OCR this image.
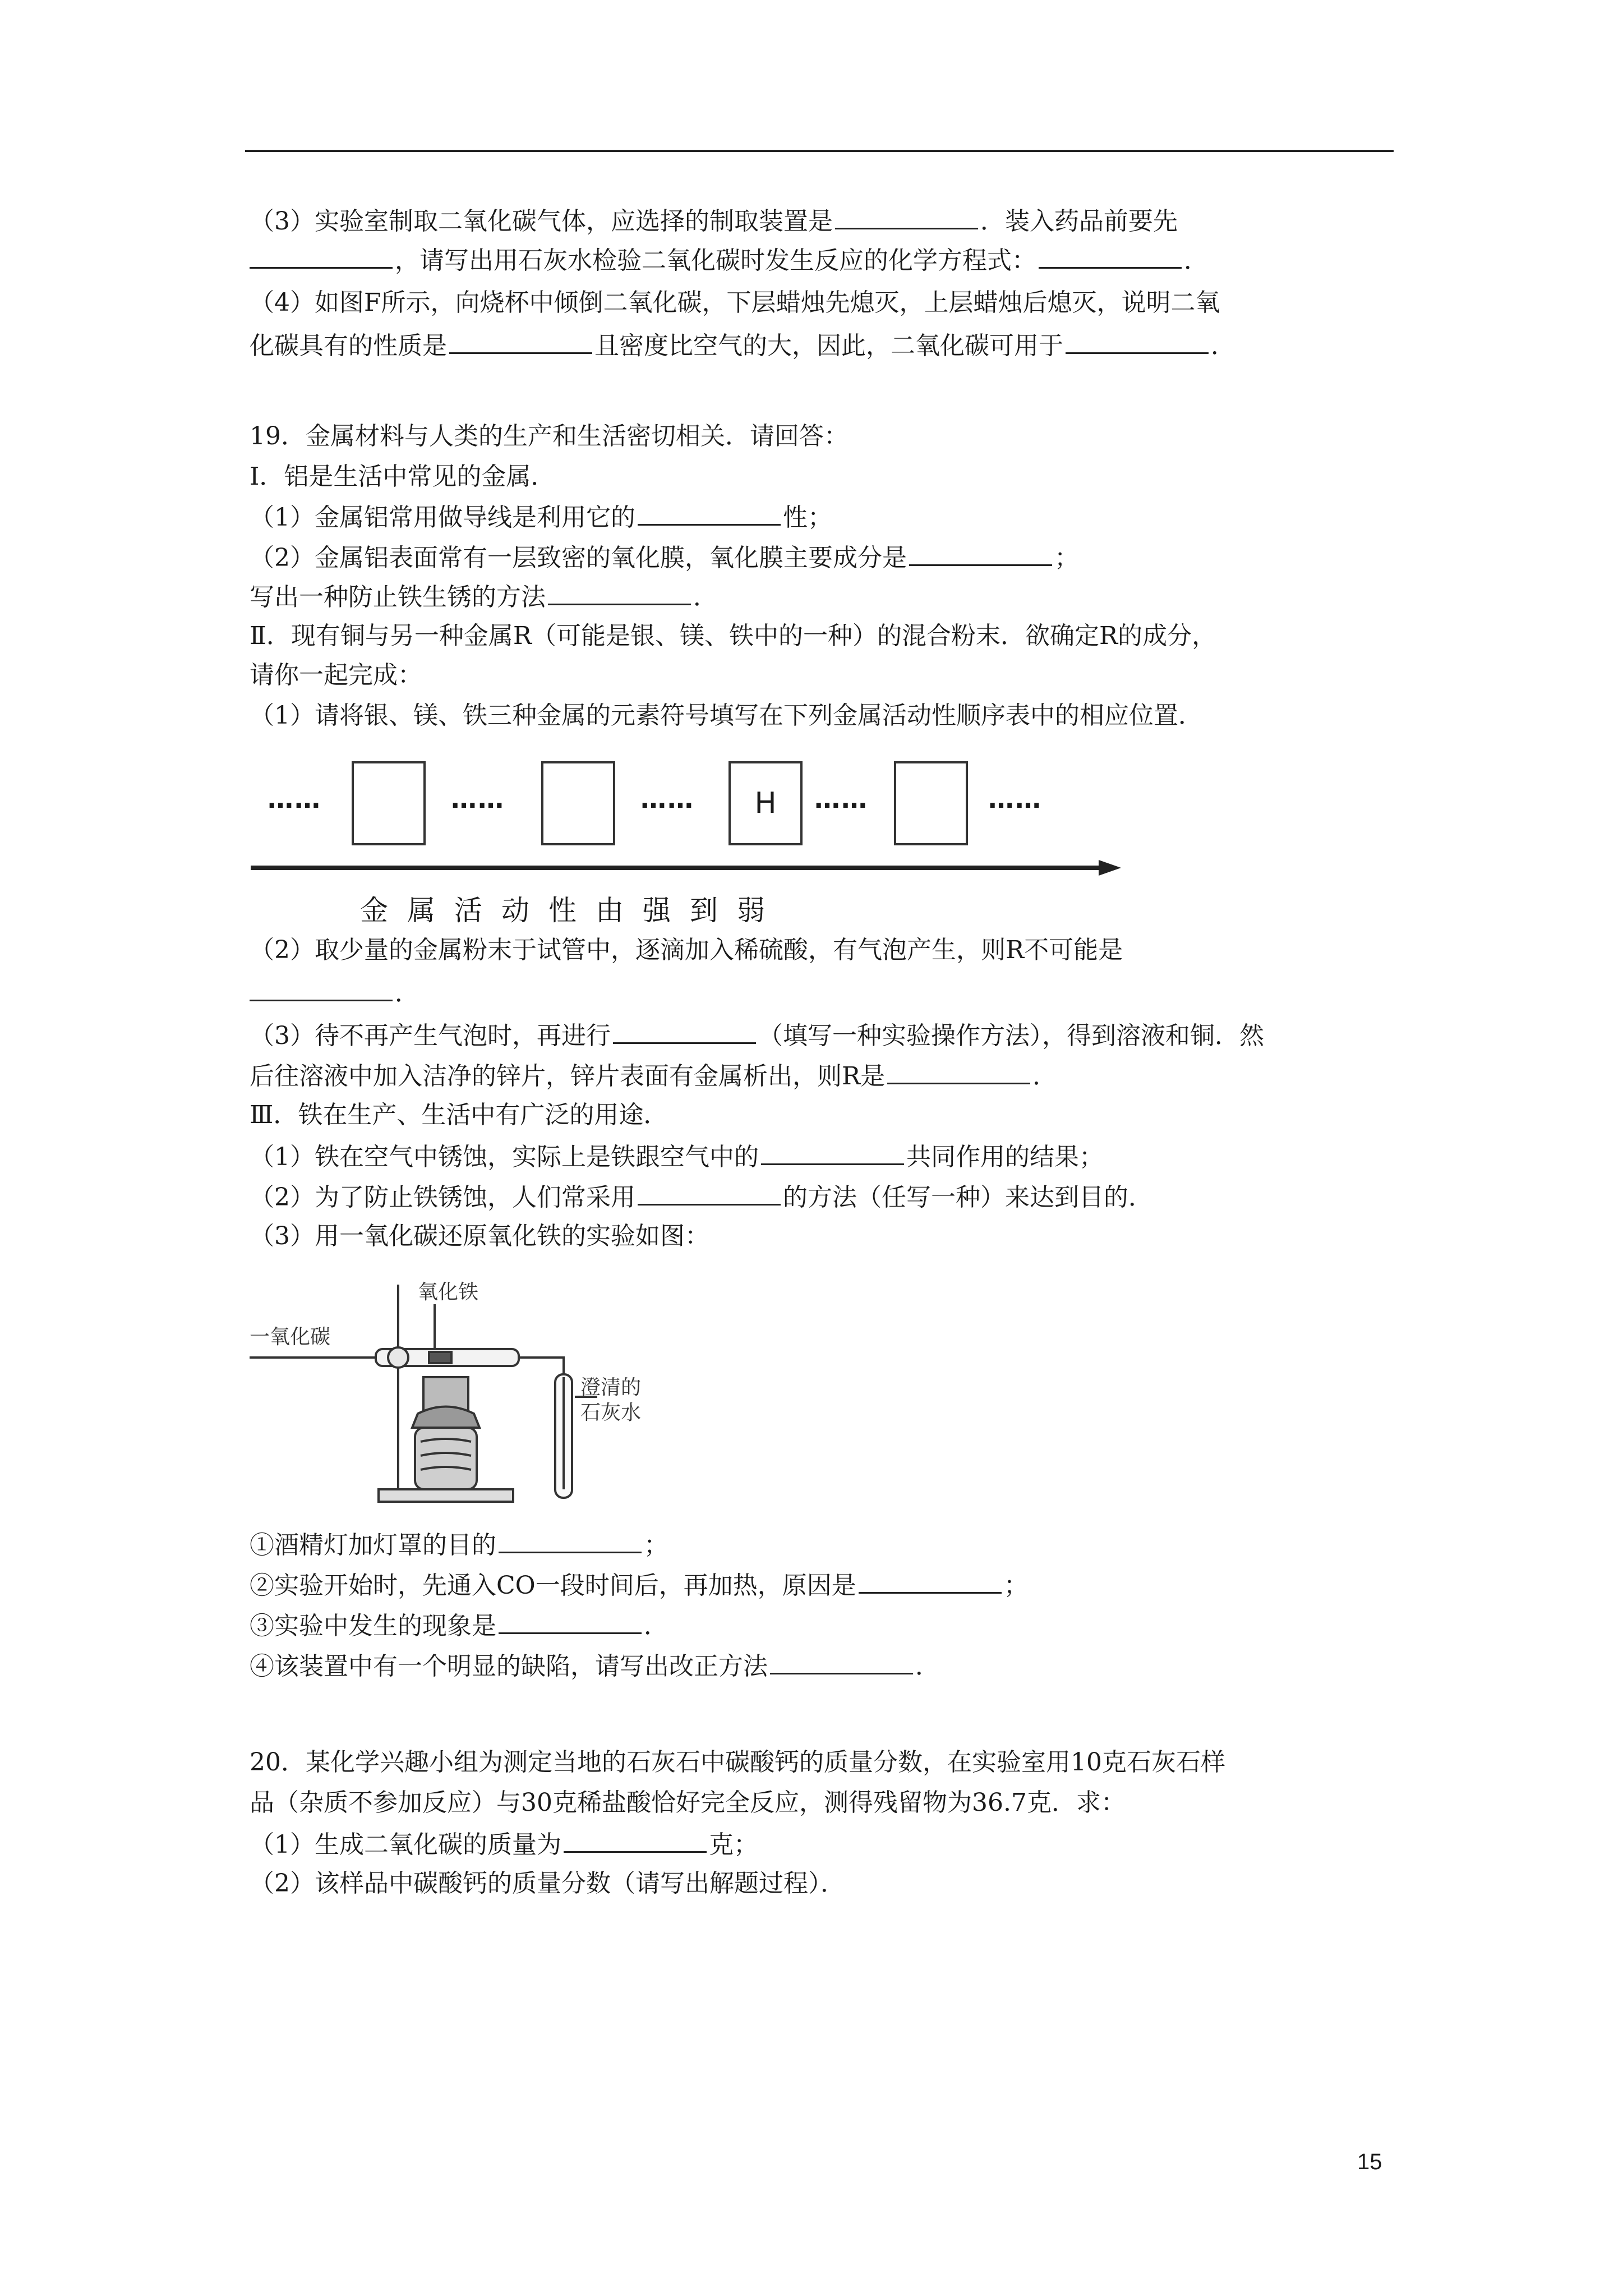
（3）实验室制取二氧化碳气体，应选择的制取装置是	．装入药品前要先
，请写出用石灰水检验二氧化碳时发生反应的化学方程式：	．
（4）如图F所示，向烧杯中倾倒二氧化碳，下层蜡烛先熄灭，上层蜡烛后熄灭，说明二氧
化碳具有的性质是	且密度比空气的大，因此，二氧化碳可用于	．
19．金属材料与人类的生产和生活密切相关．请回答：
Ⅰ．铝是生活中常见的金属．
（1）金属铝常用做导线是利用它的	性；
（2）金属铝表面常有一层致密的氧化膜，氧化膜主要成分是	；
写出一种防止铁生锈的方法	．
Ⅱ．现有铜与另一种金属R（可能是银、镁、铁中的一种）的混合粉末．欲确定R的成分，
请你一起完成：
（1）请将银、镁、铁三种金属的元素符号填写在下列金属活动性顺序表中的相应位置．
……	……	…… H ……	……
金属活动性由强到弱
（2）取少量的金属粉末于试管中，逐滴加入稀硫酸，有气泡产生，则R不可能是
．
（3）待不再产生气泡时，再进行	（填写一种实验操作方法），得到溶液和铜．然
后往溶液中加入洁净的锌片，锌片表面有金属析出，则R是	．
Ⅲ．铁在生产、生活中有广泛的用途．
（1）铁在空气中锈蚀，实际上是铁跟空气中的	共同作用的结果；
（2）为了防止铁锈蚀，人们常采用	的方法（任写一种）来达到目的．
（3）用一氧化碳还原氧化铁的实验如图：
一氧化碳
氧化铁
澄清的
石灰水
①酒精灯加灯罩的目的	；
②实验开始时，先通入CO一段时间后，再加热，原因是	；
③实验中发生的现象是	．
④该装置中有一个明显的缺陷，请写出改正方法	．
20．某化学兴趣小组为测定当地的石灰石中碳酸钙的质量分数，在实验室用10克石灰石样
品（杂质不参加反应）与30克稀盐酸恰好完全反应，测得残留物为36.7克．求：
（1）生成二氧化碳的质量为	克；
（2）该样品中碳酸钙的质量分数（请写出解题过程）．
15
